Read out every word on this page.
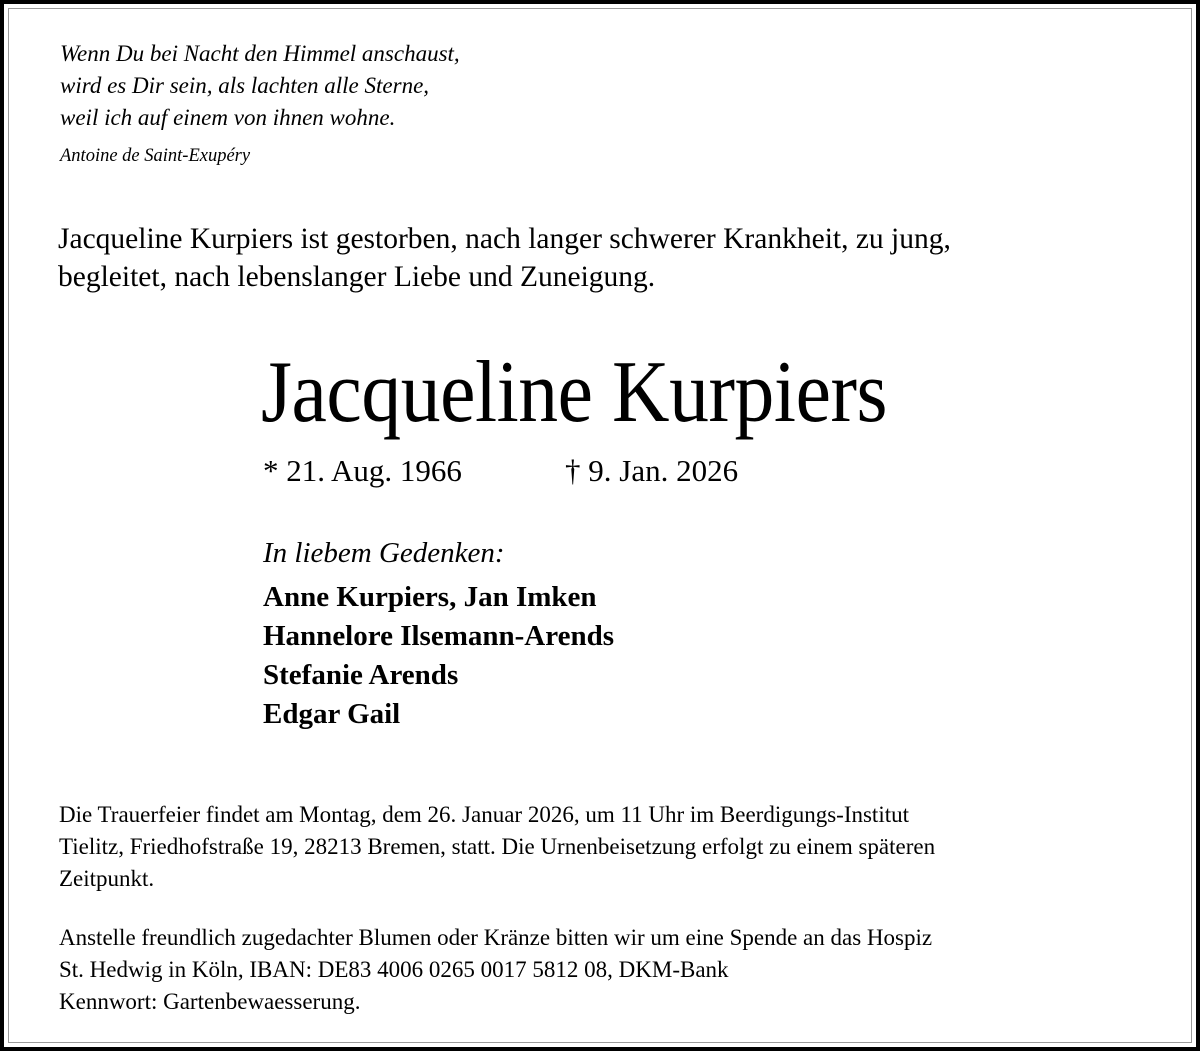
Wenn Du bei Nacht den Himmel anschaust,
wird es Dir sein, als lachten alle Sterne,
weil ich auf einem von ihnen wohne.
Antoine de Saint-Exupéry
Jacqueline Kurpiers ist gestorben, nach langer schwerer Krankheit, zu jung,
begleitet, nach lebenslanger Liebe und Zuneigung.
Jacqueline Kurpiers
* 21. Aug. 1966	† 9. Jan. 2026
In liebem Gedenken:
Anne Kurpiers, Jan Imken
Hannelore Ilsemann-Arends
Stefanie Arends
Edgar Gail
Die Trauerfeier findet am Montag, dem 26. Januar 2026, um 11 Uhr im Beerdigungs-Institut
Tielitz, Friedhofstraße 19, 28213 Bremen, statt. Die Urnenbeisetzung erfolgt zu einem späteren
Zeitpunkt.
Anstelle freundlich zugedachter Blumen oder Kränze bitten wir um eine Spende an das Hospiz
St. Hedwig in Köln, IBAN: DE83 4006 0265 0017 5812 08, DKM-Bank
Kennwort: Gartenbewaesserung.
